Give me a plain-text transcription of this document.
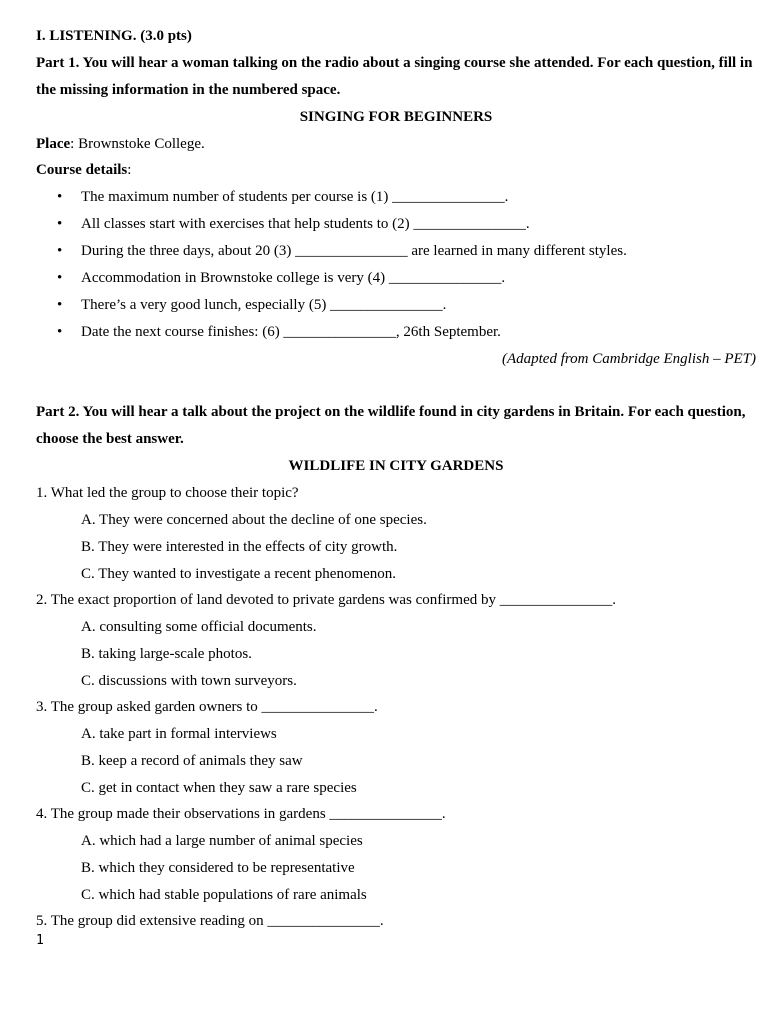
I. LISTENING. (3.0 pts)
Part 1. You will hear a woman talking on the radio about a singing course she attended. For each question, fill in
the missing information in the numbered space.
SINGING FOR BEGINNERS
Place: Brownstoke College.
Course details:
• The maximum number of students per course is (1) _______________.
• All classes start with exercises that help students to (2) _______________.
• During the three days, about 20 (3) _______________ are learned in many different styles.
• Accommodation in Brownstoke college is very (4) _______________.
• There’s a very good lunch, especially (5) _______________.
• Date the next course finishes: (6) _______________, 26th September.
(Adapted from Cambridge English – PET)
Part 2. You will hear a talk about the project on the wildlife found in city gardens in Britain. For each question,
choose the best answer.
WILDLIFE IN CITY GARDENS
1. What led the group to choose their topic?
A. They were concerned about the decline of one species.
B. They were interested in the effects of city growth.
C. They wanted to investigate a recent phenomenon.
2. The exact proportion of land devoted to private gardens was confirmed by _______________.
A. consulting some official documents.
B. taking large-scale photos.
C. discussions with town surveyors.
3. The group asked garden owners to _______________.
A. take part in formal interviews
B. keep a record of animals they saw
C. get in contact when they saw a rare species
4. The group made their observations in gardens _______________.
A. which had a large number of animal species
B. which they considered to be representative
C. which had stable populations of rare animals
5. The group did extensive reading on _______________.
1
